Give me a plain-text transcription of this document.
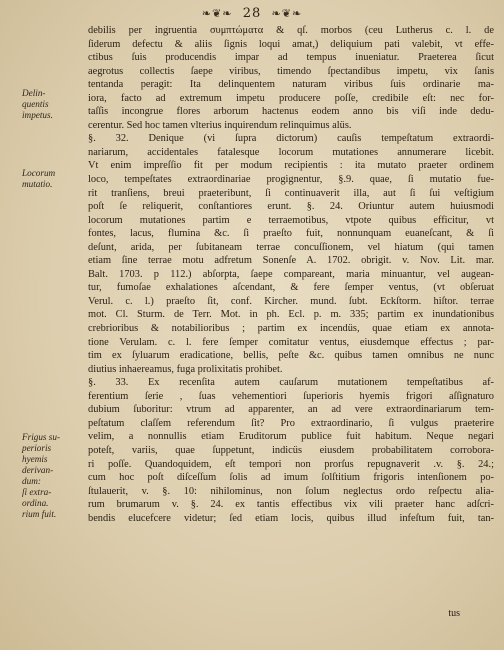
❧❦❧ 28 ❧❦❧
Delin-
quentis
impetus.
Locorum
mutatio.
Frigus su-
perioris
hyemis
derivan-
dum:
ſi extra-
ordina.
rium fuit.
debilis per ingruentia συμπτώματα & qſ. morbos (ceu Lutherus c. l. de
ſiderum defectu & aliis ſignis loqui amat,) deliquium pati valebit, vt effe-
ctibus ſuis producendis impar ad tempus inueniatur. Praeterea ſicut
aegrotus collectis ſaepe viribus, timendo ſpectandibus impetu, vix ſanis
tentanda peragit: Ita delinquentem naturam viribus ſuis ordinarie ma-
iora, facto ad extremum impetu producere poſſe, credibile eſt: nec for-
taſſis incongrue flores arborum hactenus eodem anno bis viſi inde dedu-
cerentur. Sed hoc tamen vlterius inquirendum relinquimus alüs.
§. 32. Denique (vi ſupra dictorum) cauſis tempeſtatum extraordi-
nariarum, accidentales fatalesque locorum mutationes annumerare licebit.
Vt enim impreſſio fit per modum recipientis : ita mutato praeter ordinem
loco, tempeſtates extraordinariae progignentur, §.9. quae, ſi mutatio fue-
rit tranſiens, breui praeteribunt, ſi continuaverit illa, aut ſi ſui veſtigium
poſt ſe reliquerit, conſtantiores erunt. §. 24. Oriuntur autem huiusmodi
locorum mutationes partim e terraemotibus, vtpote quibus efficitur, vt
fontes, lacus, flumina &c. ſi praeſto fuit, nonnunquam euaneſcant, & ſi
deſunt, arida, per ſubitaneam terrae concuſſionem, vel hiatum (qui tamen
etiam ſine terrae motu adfretum Sonenſe A. 1702. obrigit. v. Nov. Lit. mar.
Balt. 1703. p 112.) abſorpta, ſaepe compareant, maria minuantur, vel augean-
tur, fumoſae exhalationes aſcendant, & fere ſemper ventus, (vt obſeruat
Verul. c. l.) praeſto ſit, conf. Kircher. mund. ſubt. Eckſtorm. hiſtor. terrae
mot. Cl. Sturm. de Terr. Mot. in ph. Ecl. p. m. 335; partim ex inundationibus
crebrioribus & notabilioribus ; partim ex incendüs, quae etiam ex annota-
tione Verulam. c. l. fere ſemper comitatur ventus, eiusdemque effectus ; par-
tim ex ſyluarum eradicatione, bellis, peſte &c. quibus tamen omnibus ne nunc
diutius inhaereamus, fuga prolixitatis prohibet.
§. 33. Ex recenſita autem cauſarum mutationem tempeſtatibus af-
ferentium ſerie , ſuas vehementiori ſuperioris hyemis frigori aſſignaturo
dubium ſuboritur: vtrum ad apparenter, an ad vere extraordinariarum tem-
peſtatum claſſem referendum ſit? Pro extraordinario, ſi vulgus praeterire
velim, a nonnullis etiam Eruditorum publice fuit habitum. Neque negari
poteſt, variis, quae ſuppetunt, indicüs eiusdem probabilitatem corrobora-
ri poſſe. Quandoquidem, eſt tempori non prorſus repugnaverit .v. §. 24.;
cum hoc poſt diſceſſum ſolis ad imum ſolſtitium frigoris intenſionem po-
ſtulauerit, v. §. 10: nihilominus, non ſolum neglectus ordo reſpectu alia-
rum brumarum v. §. 24. ex tantis effectibus vix vili praeter hanc adſcri-
bendis elucefcere videtur; ſed etiam locis, quibus illud infeſtum fuit, tan-
tus
